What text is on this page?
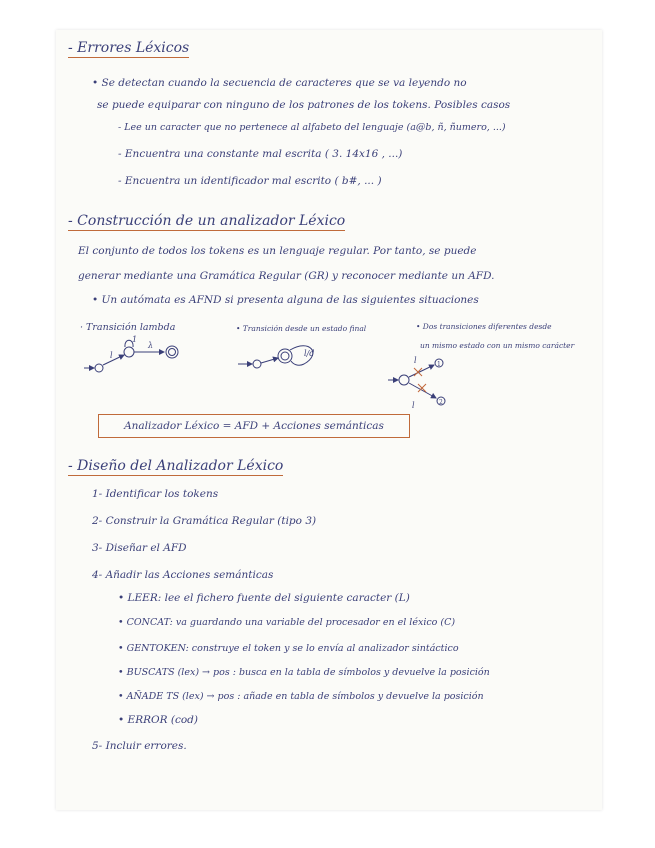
- Errores Léxicos
• Se detectan cuando la secuencia de caracteres que se va leyendo no
se puede equiparar con ninguno de los patrones de los tokens. Posibles casos
- Lee un caracter que no pertenece al alfabeto del lenguaje (a@b, ñ, ñumero, ...)
- Encuentra una constante mal escrita ( 3. 14x16 , ...)
- Encuentra un identificador mal escrito ( b#, ... )
- Construcción de un analizador Léxico
El conjunto de todos los tokens es un lenguaje regular. Por tanto, se puede
generar mediante una Gramática Regular (GR) y reconocer mediante un AFD.
• Un autómata es AFND si presenta alguna de las siguientes situaciones
· Transición lambda	• Transición desde un estado final	• Dos transiciones diferentes desde
un mismo estado con un mismo carácter
l
1
λ
l/d
l
l
1
2
Analizador Léxico = AFD + Acciones semánticas
- Diseño del Analizador Léxico
1- Identificar los tokens
2- Construir la Gramática Regular (tipo 3)
3- Diseñar el AFD
4- Añadir las Acciones semánticas
• LEER: lee el fichero fuente del siguiente caracter (L)
• CONCAT: va guardando una variable del procesador en el léxico (C)
• GENTOKEN: construye el token y se lo envía al analizador sintáctico
• BUSCATS (lex) → pos : busca en la tabla de símbolos y devuelve la posición
• AÑADE TS (lex) → pos : añade en tabla de símbolos y devuelve la posición
• ERROR (cod)
5- Incluir errores.
